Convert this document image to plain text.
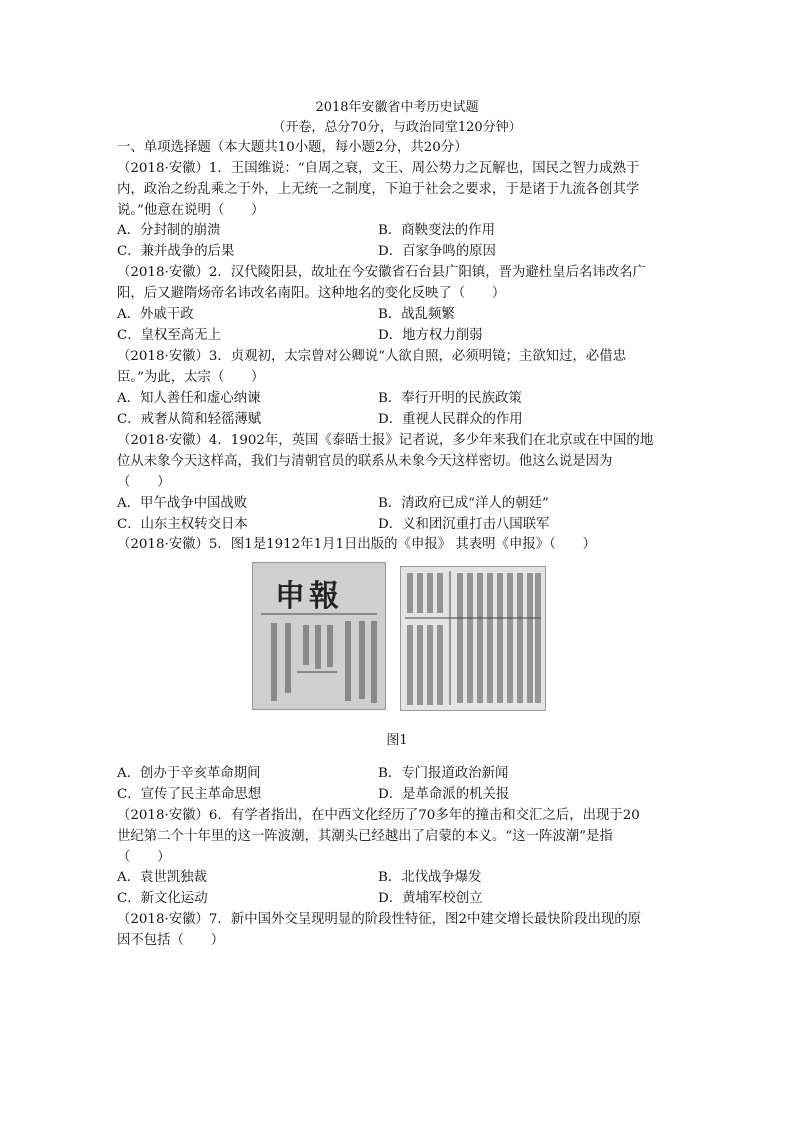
2018年安徽省中考历史试题
（开卷，总分70分，与政治同堂120分钟）
一、单项选择题（本大题共10小题，每小题2分，共20分）
（2018·安徽）1．王国维说：“自周之衰，文王、周公势力之瓦解也，国民之智力成熟于
内，政治之纷乱乘之于外，上无统一之制度，下迫于社会之要求，于是诸于九流各创其学
说。”他意在说明（　　）
A．分封制的崩溃	B．商鞅变法的作用
C．兼并战争的后果	D．百家争鸣的原因
（2018·安徽）2．汉代陵阳县，故址在今安徽省石台县广阳镇，晋为避杜皇后名讳改名广
阳，后又避隋炀帝名讳改名南阳。这种地名的变化反映了（　　）
A．外戚干政	B．战乱频繁
C．皇权至高无上	D．地方权力削弱
（2018·安徽）3．贞观初，太宗曾对公卿说“人欲自照，必须明镜；主欲知过，必借忠
臣。”为此，太宗（　　）
A．知人善任和虚心纳谏	B．奉行开明的民族政策
C．戒奢从简和轻徭薄赋	D．重视人民群众的作用
（2018·安徽）4．1902年，英国《泰晤士报》记者说，多少年来我们在北京或在中国的地
位从未象今天这样高，我们与清朝官员的联系从未象今天这样密切。他这么说是因为
（　　）
A．甲午战争中国战败	B．清政府已成“洋人的朝廷”
C．山东主权转交日本	D．义和团沉重打击八国联军
（2018·安徽）5．图1是1912年1月1日出版的《申报》 其表明《申报》（　　）
申報
图1
A．创办于辛亥革命期间	B．专门报道政治新闻
C．宣传了民主革命思想	D．是革命派的机关报
（2018·安徽）6．有学者指出，在中西文化经历了70多年的撞击和交汇之后，出现于20
世纪第二个十年里的这一阵波潮，其潮头已经越出了启蒙的本义。“这一阵波潮”是指
（　　）
A．袁世凯独裁	B．北伐战争爆发
C．新文化运动	D．黄埔军校创立
（2018·安徽）7．新中国外交呈现明显的阶段性特征，图2中建交增长最快阶段出现的原
因不包括（　　）
